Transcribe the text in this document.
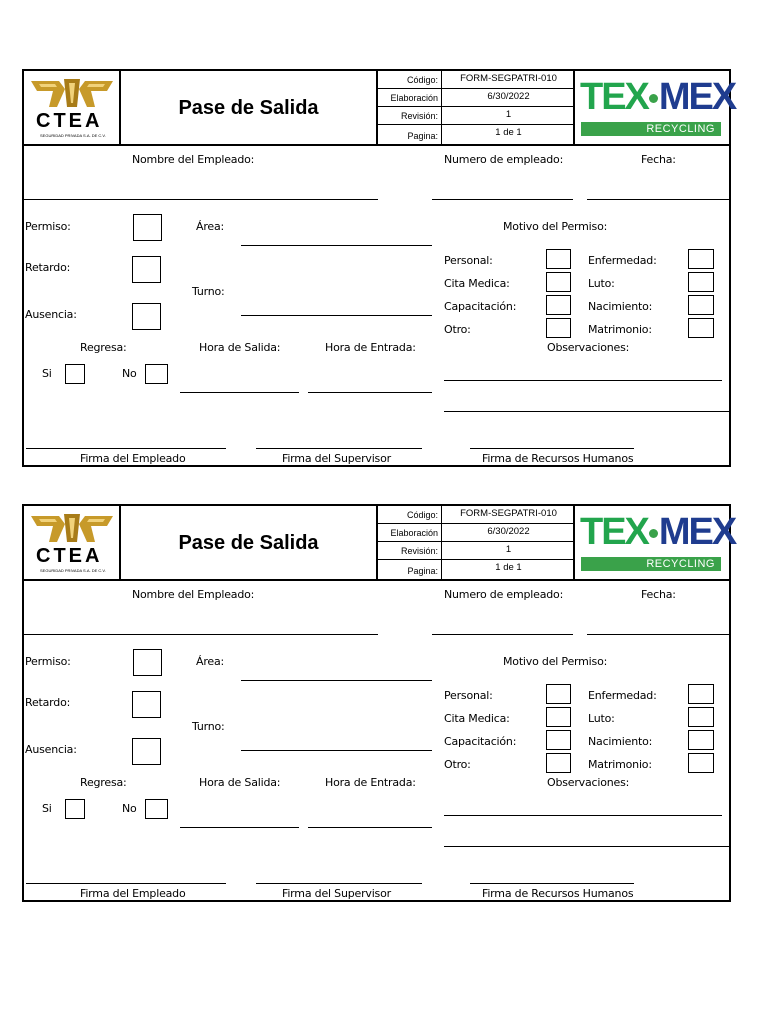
CTEA
SEGURIDAD PRIVADA S.A. DE C.V.
Pase de Salida
Código:	FORM-SEGPATRI-010
Elaboración	6/30/2022
Revisión:	1
Pagina:	1 de 1
TEX MEX
RECYCLING
Nombre del Empleado:	Numero de empleado:	Fecha:
Permiso:	Área:
Retardo:
Turno:
Ausencia:
Regresa:	Hora de Salida:	Hora de Entrada:
Si	No
Motivo del Permiso:
Personal:	Enfermedad:
Cita Medica:	Luto:
Capacitación:	Nacimiento:
Otro:	Matrimonio:
Observaciones:
Firma del Empleado	Firma del Supervisor	Firma de Recursos Humanos
CTEA
SEGURIDAD PRIVADA S.A. DE C.V.
Pase de Salida
Código:	FORM-SEGPATRI-010
Elaboración	6/30/2022
Revisión:	1
Pagina:	1 de 1
TEX MEX
RECYCLING
Nombre del Empleado:	Numero de empleado:	Fecha:
Permiso:	Área:
Retardo:
Turno:
Ausencia:
Regresa:	Hora de Salida:	Hora de Entrada:
Si	No
Motivo del Permiso:
Personal:	Enfermedad:
Cita Medica:	Luto:
Capacitación:	Nacimiento:
Otro:	Matrimonio:
Observaciones:
Firma del Empleado	Firma del Supervisor	Firma de Recursos Humanos
